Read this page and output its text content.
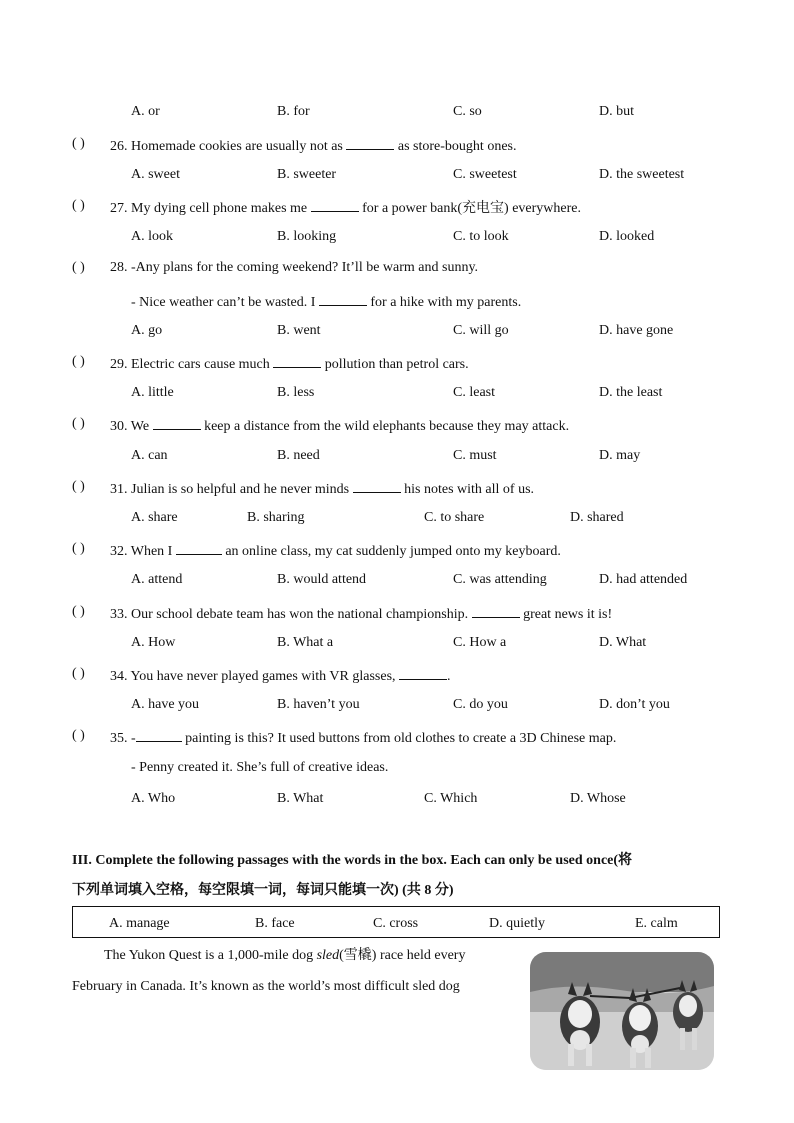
A. or	B. for	C. so	D. but
( ) 26. Homemade cookies are usually not as	as store-bought ones.
A. sweet	B. sweeter	C. sweetest	D. the sweetest
( ) 27. My dying cell phone makes me	for a power bank(充电宝) everywhere.
A. look	B. looking	C. to look	D. looked
( ) 28. -Any plans for the coming weekend? It’ll be warm and sunny.
- Nice weather can’t be wasted. I	for a hike with my parents.
A. go	B. went	C. will go	D. have gone
( ) 29. Electric cars cause much	pollution than petrol cars.
A. little	B. less	C. least	D. the least
( ) 30. We	keep a distance from the wild elephants because they may attack.
A. can	B. need	C. must	D. may
( ) 31. Julian is so helpful and he never minds	his notes with all of us.
A. share	B. sharing	C. to share	D. shared
( ) 32. When I	an online class, my cat suddenly jumped onto my keyboard.
A. attend	B. would attend	C. was attending	D. had attended
( ) 33. Our school debate team has won the national championship.	great news it is!
A. How	B. What a	C. How a	D. What
( ) 34. You have never played games with VR glasses,	.
A. have you	B. haven’t you	C. do you	D. don’t you
( ) 35. -	painting is this? It used buttons from old clothes to create a 3D Chinese map.
- Penny created it. She’s full of creative ideas.
A. Who	B. What	C. Which	D. Whose
III. Complete the following passages with the words in the box. Each can only be used once(将
下列单词填入空格，每空限填一词，每词只能填一次) (共 8 分)
A. manage	B. face	C. cross	D. quietly	E. calm
The Yukon Quest is a 1,000-mile dog sled(雪橇) race held every
February in Canada. It’s known as the world’s most difficult sled dog
